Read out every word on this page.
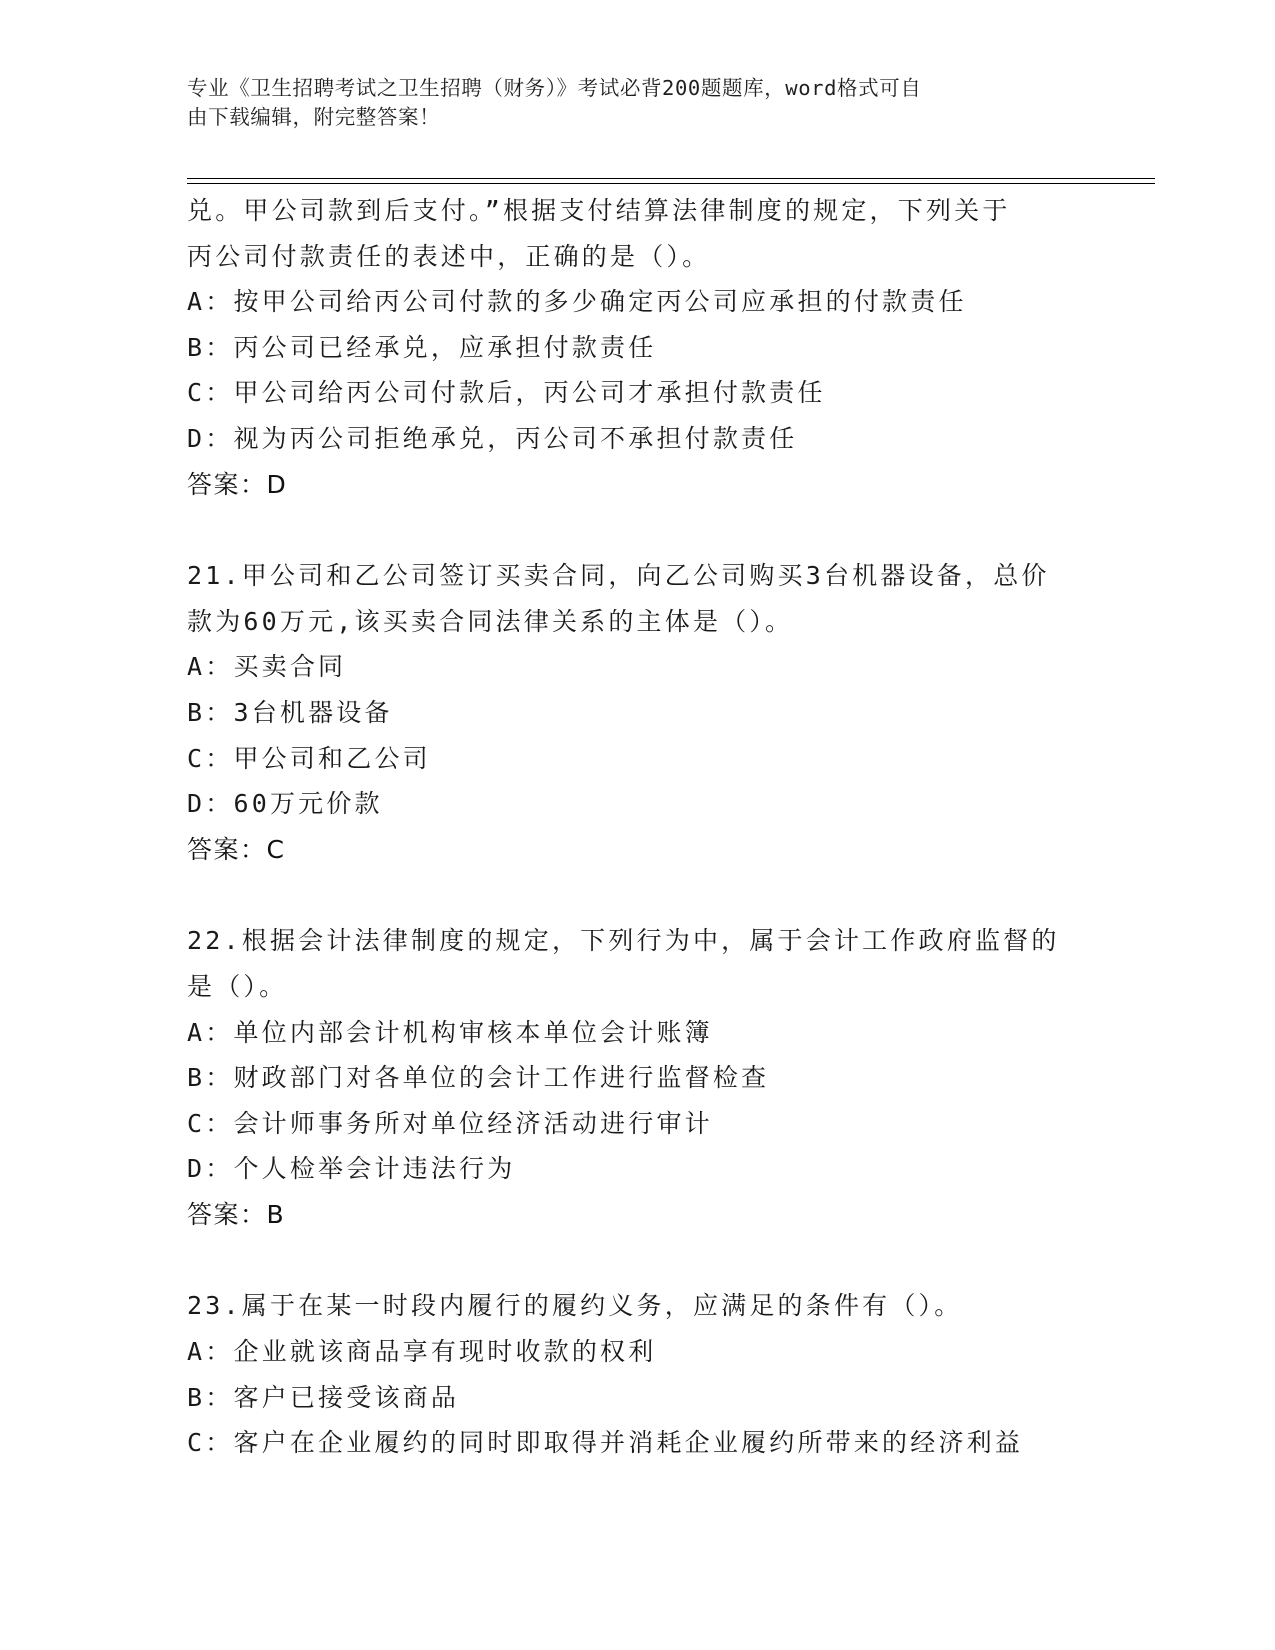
专业《卫生招聘考试之卫生招聘（财务）》考试必背200题题库，word格式可自
由下载编辑，附完整答案！
兑。甲公司款到后支付。”根据支付结算法律制度的规定，下列关于
丙公司付款责任的表述中，正确的是（）。
A：按甲公司给丙公司付款的多少确定丙公司应承担的付款责任
B：丙公司已经承兑，应承担付款责任
C：甲公司给丙公司付款后，丙公司才承担付款责任
D：视为丙公司拒绝承兑，丙公司不承担付款责任
答案：D
21.甲公司和乙公司签订买卖合同，向乙公司购买3台机器设备，总价
款为60万元,该买卖合同法律关系的主体是（）。
A：买卖合同
B：3台机器设备
C：甲公司和乙公司
D：60万元价款
答案：C
22.根据会计法律制度的规定，下列行为中，属于会计工作政府监督的
是（）。
A：单位内部会计机构审核本单位会计账簿
B：财政部门对各单位的会计工作进行监督检查
C：会计师事务所对单位经济活动进行审计
D：个人检举会计违法行为
答案：B
23.属于在某一时段内履行的履约义务，应满足的条件有（）。
A：企业就该商品享有现时收款的权利
B：客户已接受该商品
C：客户在企业履约的同时即取得并消耗企业履约所带来的经济利益
